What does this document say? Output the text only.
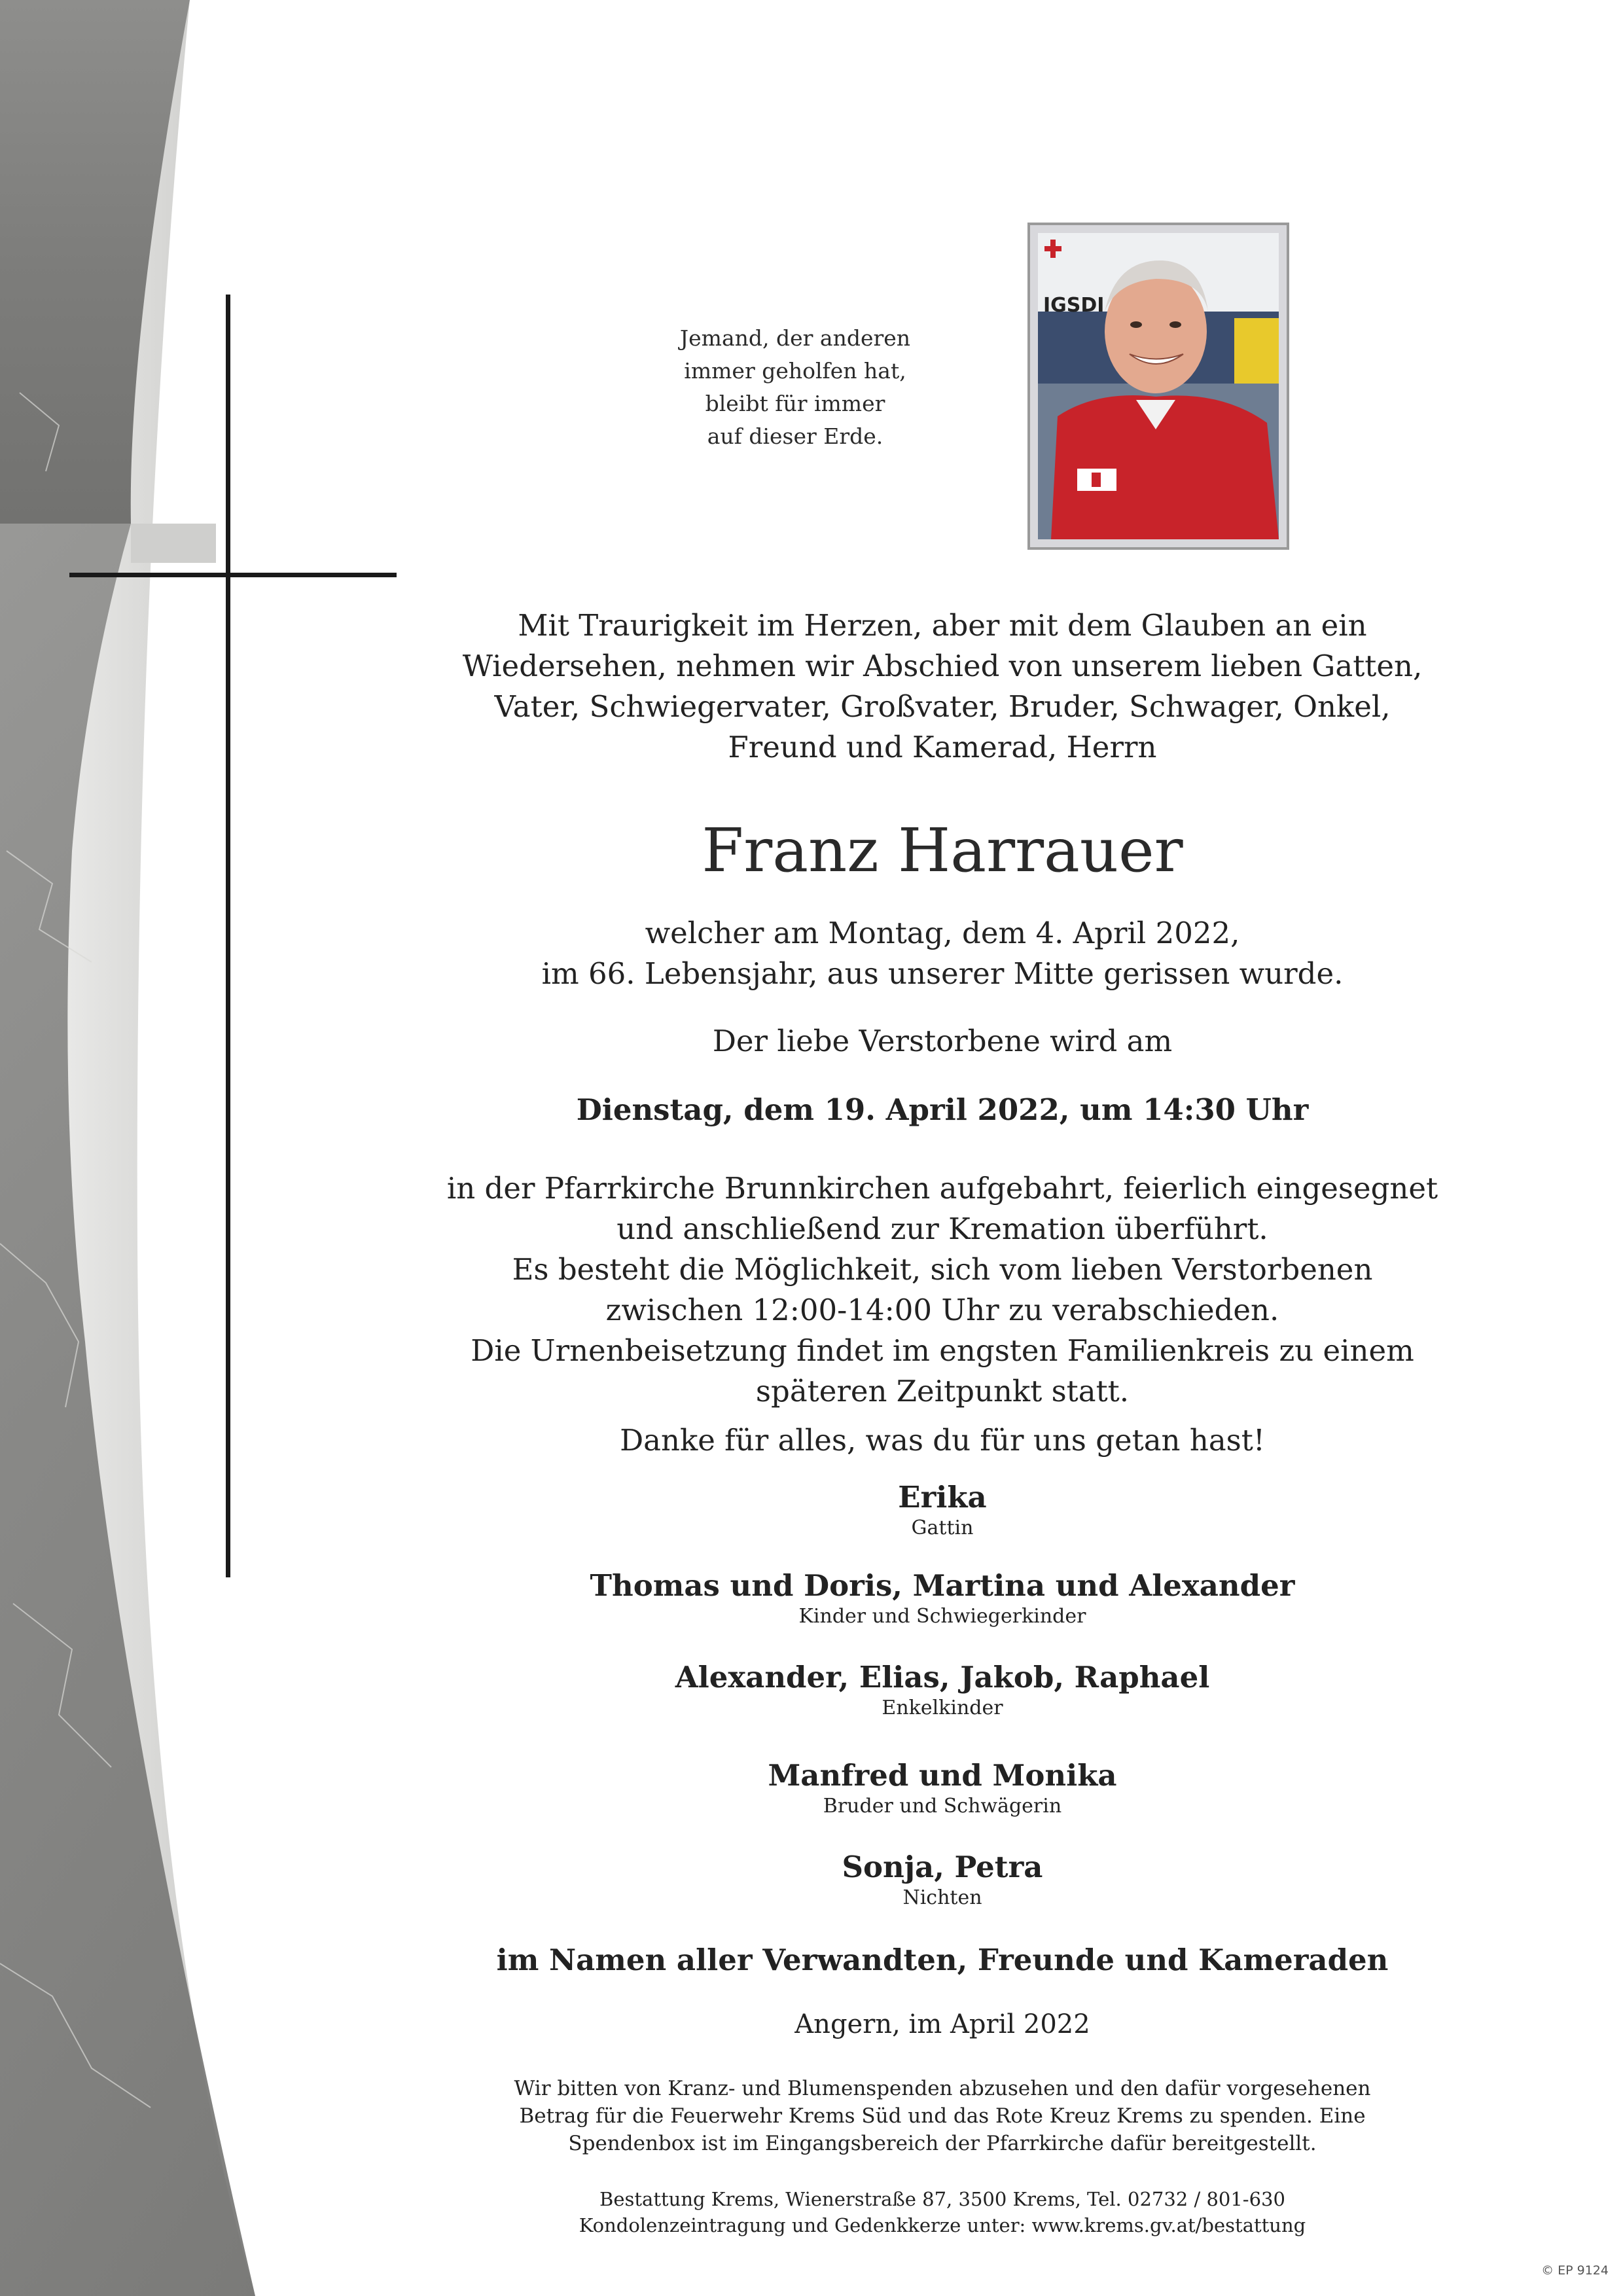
Jemand, der anderen
immer geholfen hat,
bleibt für immer
auf dieser Erde.
IGSDI
Mit Traurigkeit im Herzen, aber mit dem Glauben an ein
Wiedersehen, nehmen wir Abschied von unserem lieben Gatten,
Vater, Schwiegervater, Großvater, Bruder, Schwager, Onkel,
Freund und Kamerad, Herrn
Franz Harrauer
welcher am Montag, dem 4. April 2022,
im 66. Lebensjahr, aus unserer Mitte gerissen wurde.
Der liebe Verstorbene wird am
Dienstag, dem 19. April 2022, um 14:30 Uhr
in der Pfarrkirche Brunnkirchen aufgebahrt, feierlich eingesegnet
und anschließend zur Kremation überführt.
Es besteht die Möglichkeit, sich vom lieben Verstorbenen
zwischen 12:00-14:00 Uhr zu verabschieden.
Die Urnenbeisetzung findet im engsten Familienkreis zu einem
späteren Zeitpunkt statt.
Danke für alles, was du für uns getan hast!
Erika
Gattin
Thomas und Doris, Martina und Alexander
Kinder und Schwiegerkinder
Alexander, Elias, Jakob, Raphael
Enkelkinder
Manfred und Monika
Bruder und Schwägerin
Sonja, Petra
Nichten
im Namen aller Verwandten, Freunde und Kameraden
Angern, im April 2022
Wir bitten von Kranz- und Blumenspenden abzusehen und den dafür vorgesehenen
Betrag für die Feuerwehr Krems Süd und das Rote Kreuz Krems zu spenden. Eine
Spendenbox ist im Eingangsbereich der Pfarrkirche dafür bereitgestellt.
Bestattung Krems, Wienerstraße 87, 3500 Krems, Tel. 02732 / 801-630
Kondolenzeintragung und Gedenkkerze unter: www.krems.gv.at/bestattung
© EP 9124
